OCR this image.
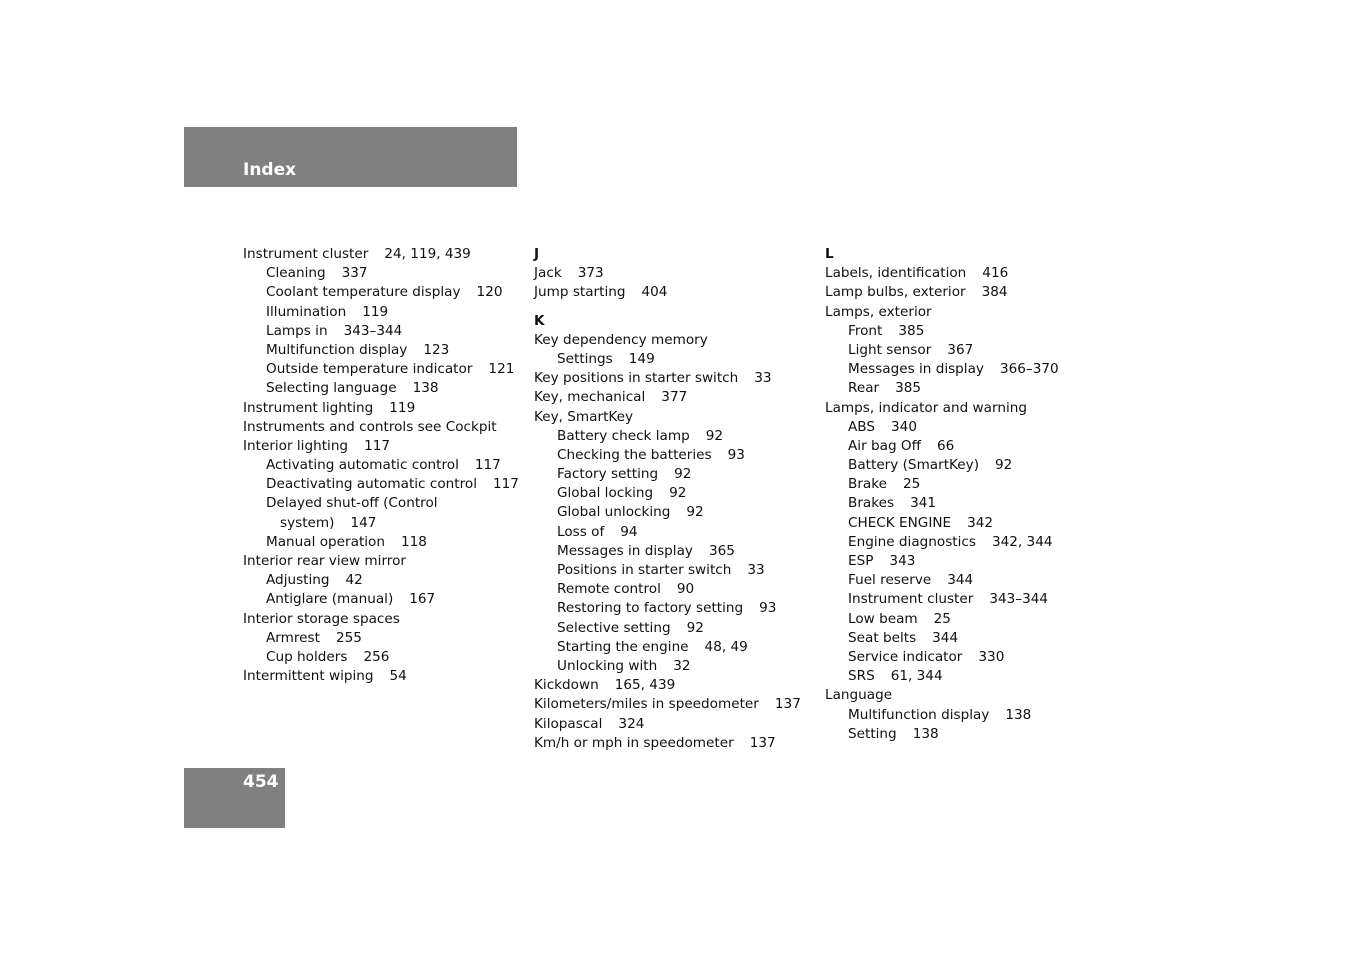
Index
Instrument cluster 24, 119, 439
Cleaning 337
Coolant temperature display 120
Illumination 119
Lamps in 343–344
Multifunction display 123
Outside temperature indicator 121
Selecting language 138
Instrument lighting 119
Instruments and controls see Cockpit
Interior lighting 117
Activating automatic control 117
Deactivating automatic control 117
Delayed shut-off (Control
system) 147
Manual operation 118
Interior rear view mirror
Adjusting 42
Antiglare (manual) 167
Interior storage spaces
Armrest 255
Cup holders 256
Intermittent wiping 54
J
Jack 373
Jump starting 404
K
Key dependency memory
Settings 149
Key positions in starter switch 33
Key, mechanical 377
Key, SmartKey
Battery check lamp 92
Checking the batteries 93
Factory setting 92
Global locking 92
Global unlocking 92
Loss of 94
Messages in display 365
Positions in starter switch 33
Remote control 90
Restoring to factory setting 93
Selective setting 92
Starting the engine 48, 49
Unlocking with 32
Kickdown 165, 439
Kilometers/miles in speedometer 137
Kilopascal 324
Km/h or mph in speedometer 137
L
Labels, identification 416
Lamp bulbs, exterior 384
Lamps, exterior
Front 385
Light sensor 367
Messages in display 366–370
Rear 385
Lamps, indicator and warning
ABS 340
Air bag Off 66
Battery (SmartKey) 92
Brake 25
Brakes 341
CHECK ENGINE 342
Engine diagnostics 342, 344
ESP 343
Fuel reserve 344
Instrument cluster 343–344
Low beam 25
Seat belts 344
Service indicator 330
SRS 61, 344
Language
Multifunction display 138
Setting 138
454
